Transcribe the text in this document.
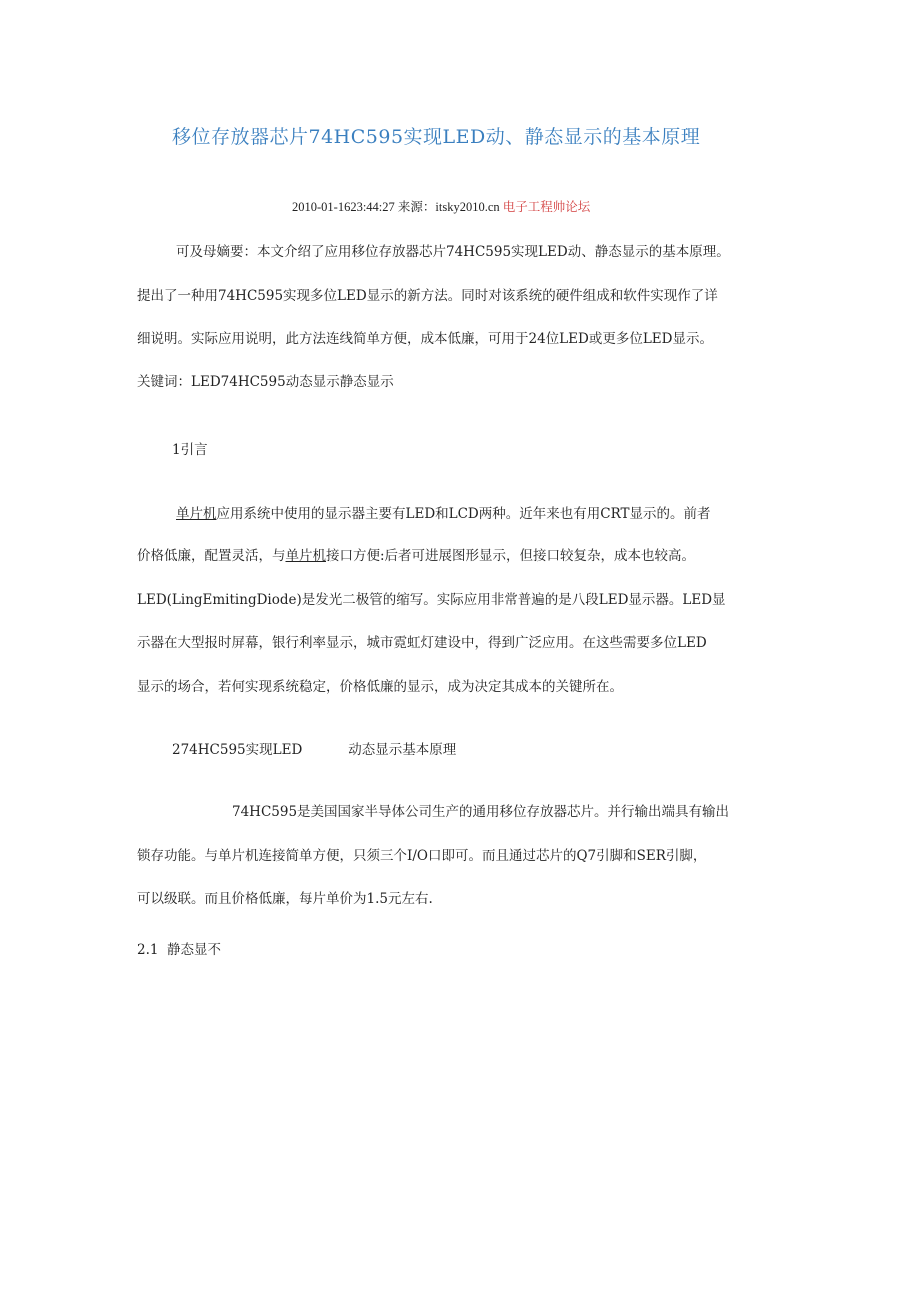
移位存放器芯片74HC595实现LED动、静态显示的基本原理
2010-01-1623:44:27 来源：itsky2010.cn 电子工程帅论坛
可及母嫡要：本文介绍了应用移位存放器芯片74HC595实现LED动、静态显示的基本原理。
提出了一种用74HC595实现多位LED显示的新方法。同时对该系统的硬件组成和软件实现作了详
细说明。实际应用说明，此方法连线简单方便，成本低廉，可用于24位LED或更多位LED显示。
关键词：LED74HC595动态显示静态显示
1引言
单片机应用系统中使用的显示器主要有LED和LCD两种。近年来也有用CRT显示的。前者
价格低廉，配置灵活，与单片机接口方便:后者可进展图形显示，但接口较复杂，成本也较高。
LED(LingEmitingDiode)是发光二极管的缩写。实际应用非常普遍的是八段LED显示器。LED显
示器在大型报时屏幕，银行利率显示，城市霓虹灯建设中，得到广泛应用。在这些需要多位LED
显示的场合，若何实现系统稳定，价格低廉的显示，成为决定其成本的关键所在。
274HC595实现LED	动态显示基本原理
74HC595是美国国家半导体公司生产的通用移位存放器芯片。并行输出端具有输出
锁存功能。与单片机连接简单方便，只须三个I/O口即可。而且通过芯片的Q7引脚和SER引脚，
可以级联。而且价格低廉，每片单价为1.5元左右.
2.1  静态显不
